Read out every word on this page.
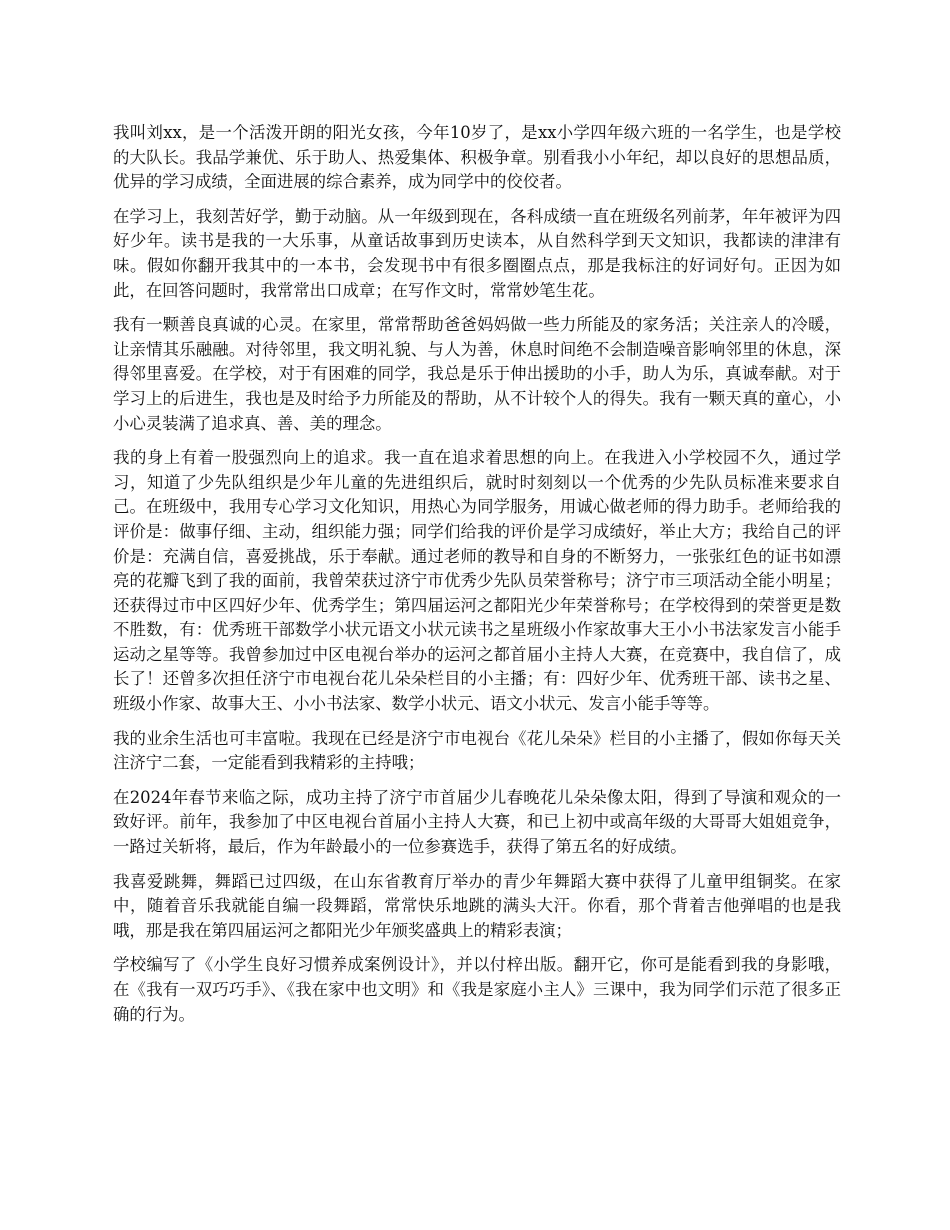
我叫刘xx，是一个活泼开朗的阳光女孩，今年10岁了，是xx小学四年级六班的一名学生，也是学校的大队长。我品学兼优、乐于助人、热爱集体、积极争章。别看我小小年纪，却以良好的思想品质，优异的学习成绩，全面进展的综合素养，成为同学中的佼佼者。

在学习上，我刻苦好学，勤于动脑。从一年级到现在，各科成绩一直在班级名列前茅，年年被评为四好少年。读书是我的一大乐事，从童话故事到历史读本，从自然科学到天文知识，我都读的津津有味。假如你翻开我其中的一本书，会发现书中有很多圈圈点点，那是我标注的好词好句。正因为如此，在回答问题时，我常常出口成章；在写作文时，常常妙笔生花。

我有一颗善良真诚的心灵。在家里，常常帮助爸爸妈妈做一些力所能及的家务活；关注亲人的冷暖，让亲情其乐融融。对待邻里，我文明礼貌、与人为善，休息时间绝不会制造噪音影响邻里的休息，深得邻里喜爱。在学校，对于有困难的同学，我总是乐于伸出援助的小手，助人为乐，真诚奉献。对于学习上的后进生，我也是及时给予力所能及的帮助，从不计较个人的得失。我有一颗天真的童心，小小心灵装满了追求真、善、美的理念。

我的身上有着一股强烈向上的追求。我一直在追求着思想的向上。在我进入小学校园不久，通过学习，知道了少先队组织是少年儿童的先进组织后，就时时刻刻以一个优秀的少先队员标准来要求自己。在班级中，我用专心学习文化知识，用热心为同学服务，用诚心做老师的得力助手。老师给我的评价是：做事仔细、主动，组织能力强；同学们给我的评价是学习成绩好，举止大方；我给自己的评价是：充满自信，喜爱挑战，乐于奉献。通过老师的教导和自身的不断努力，一张张红色的证书如漂亮的花瓣飞到了我的面前，我曾荣获过济宁市优秀少先队员荣誉称号；济宁市三项活动全能小明星；还获得过市中区四好少年、优秀学生；第四届运河之都阳光少年荣誉称号；在学校得到的荣誉更是数不胜数，有：优秀班干部数学小状元语文小状元读书之星班级小作家故事大王小小书法家发言小能手运动之星等等。我曾参加过中区电视台举办的运河之都首届小主持人大赛，在竞赛中，我自信了，成长了！还曾多次担任济宁市电视台花儿朵朵栏目的小主播；有：四好少年、优秀班干部、读书之星、班级小作家、故事大王、小小书法家、数学小状元、语文小状元、发言小能手等等。

我的业余生活也可丰富啦。我现在已经是济宁市电视台《花儿朵朵》栏目的小主播了，假如你每天关注济宁二套，一定能看到我精彩的主持哦；

在2024年春节来临之际，成功主持了济宁市首届少儿春晚花儿朵朵像太阳，得到了导演和观众的一致好评。前年，我参加了中区电视台首届小主持人大赛，和已上初中或高年级的大哥哥大姐姐竞争，一路过关斩将，最后，作为年龄最小的一位参赛选手，获得了第五名的好成绩。

我喜爱跳舞，舞蹈已过四级，在山东省教育厅举办的青少年舞蹈大赛中获得了儿童甲组铜奖。在家中，随着音乐我就能自编一段舞蹈，常常快乐地跳的满头大汗。你看，那个背着吉他弹唱的也是我哦，那是我在第四届运河之都阳光少年颁奖盛典上的精彩表演；

学校编写了《小学生良好习惯养成案例设计》，并以付梓出版。翻开它，你可是能看到我的身影哦，在《我有一双巧巧手》、《我在家中也文明》和《我是家庭小主人》三课中，我为同学们示范了很多正确的行为。
